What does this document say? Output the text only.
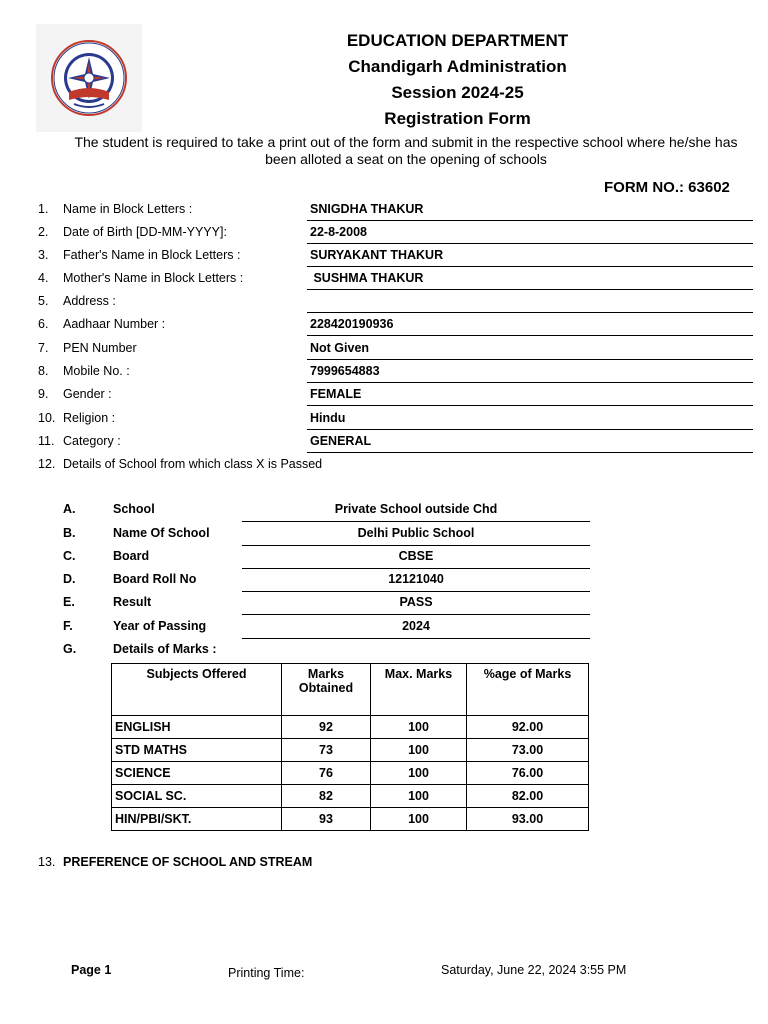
EDUCATION DEPARTMENT
Chandigarh Administration
Session 2024-25
Registration Form
The student is required to take a print out of the form and submit in the respective school where he/she has been alloted a seat on the opening of schools
FORM NO.: 63602
1. Name in Block Letters :	SNIGDHA THAKUR
2. Date of Birth [DD-MM-YYYY]:	22-8-2008
3. Father's Name in Block Letters :	SURYAKANT THAKUR
4. Mother's Name in Block Letters :	SUSHMA THAKUR
5. Address :
6. Aadhaar Number :	228420190936
7. PEN Number	Not Given
8. Mobile No. :	7999654883
9. Gender :	FEMALE
10. Religion :	Hindu
11. Category :	GENERAL
12. Details of School from which class X is Passed
A.	School	Private School outside Chd
B.	Name Of School	Delhi Public School
C.	Board	CBSE
D.	Board Roll No	12121040
E.	Result	PASS
F.	Year of Passing	2024
G.	Details of Marks :
Subjects Offered	Marks Obtained	Max. Marks	%age of Marks
ENGLISH	92	100	92.00
STD MATHS	73	100	73.00
SCIENCE	76	100	76.00
SOCIAL SC.	82	100	82.00
HIN/PBI/SKT.	93	100	93.00
13. PREFERENCE OF SCHOOL AND STREAM
Page 1	Printing Time:	Saturday, June 22, 2024 3:55 PM
